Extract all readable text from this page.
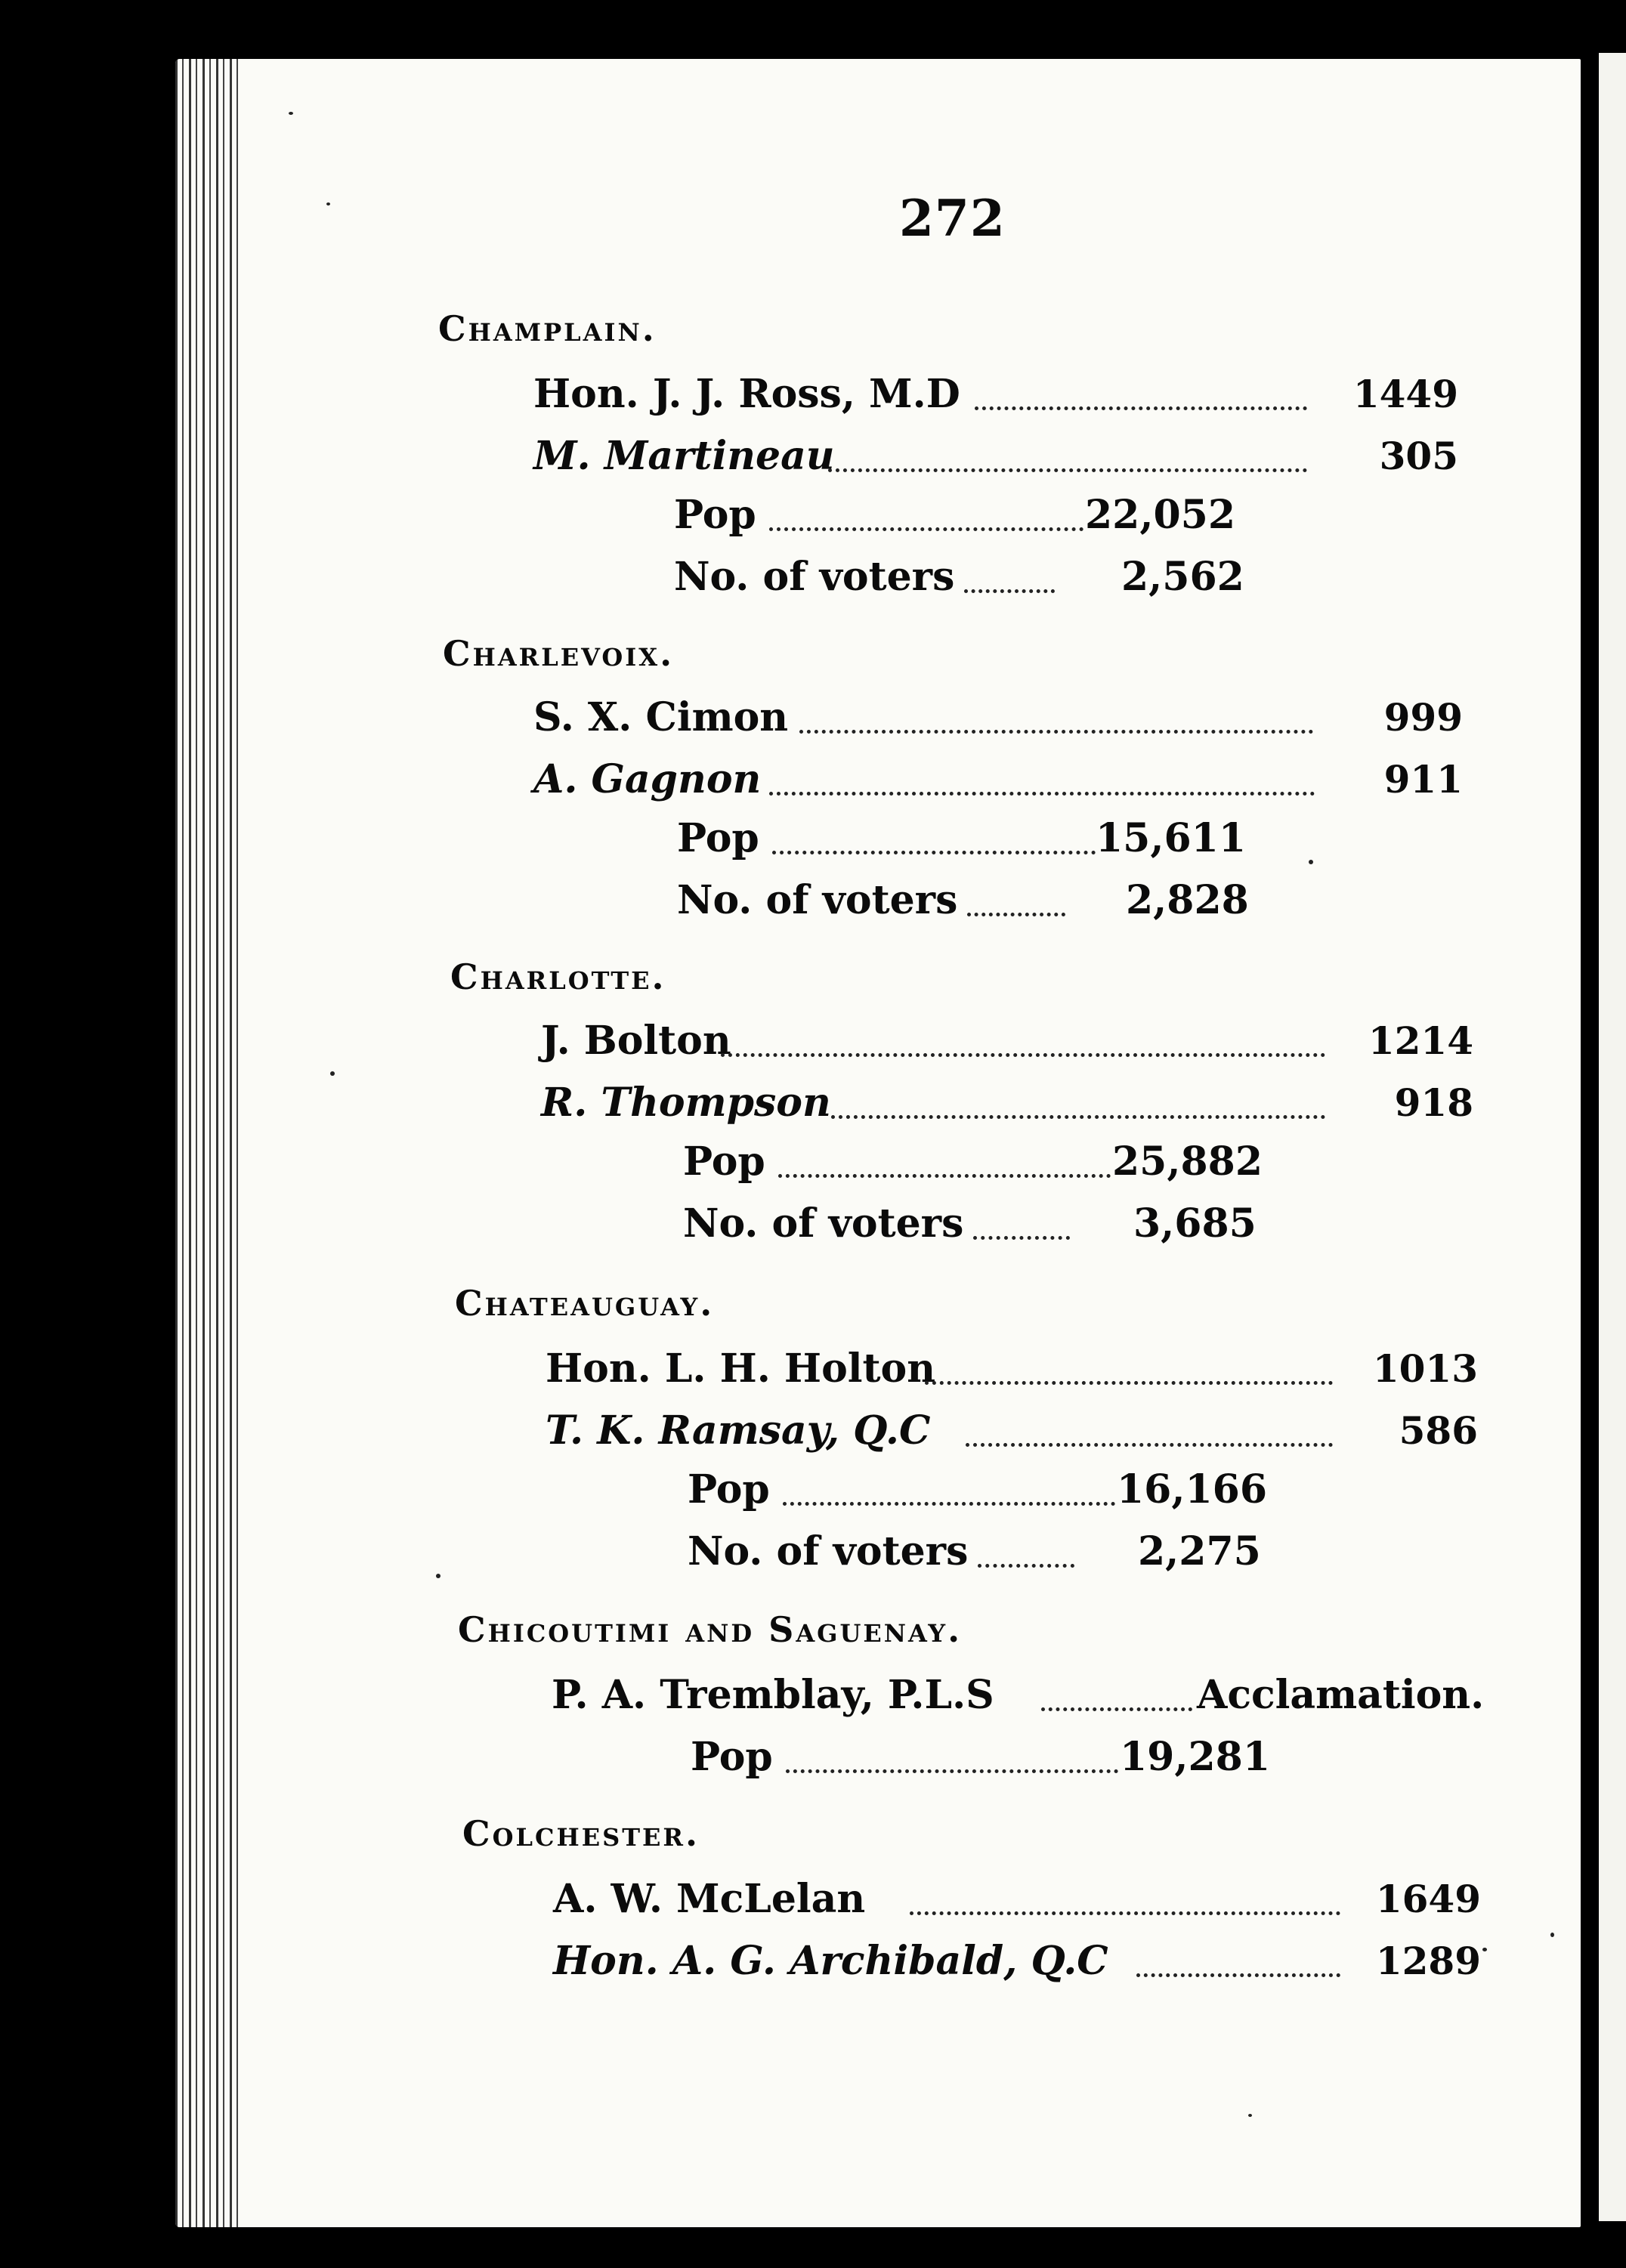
272
Champlain.
Hon. J. J. Ross, M.D	1449
M. Martineau	305
Pop	22,052
No. of voters	2,562
Charlevoix.
S. X. Cimon	999
A. Gagnon	911
Pop	15,611
No. of voters	2,828
Charlotte.
J. Bolton	1214
R. Thompson	918
Pop	25,882
No. of voters	3,685
Chateauguay.
Hon. L. H. Holton	1013
T. K. Ramsay, Q.C	586
Pop	16,166
No. of voters	2,275
Chicoutimi and Saguenay.
P. A. Tremblay, P.L.S	Acclamation.
Pop	19,281
Colchester.
A. W. McLelan	1649
Hon. A. G. Archibald, Q.C	1289
